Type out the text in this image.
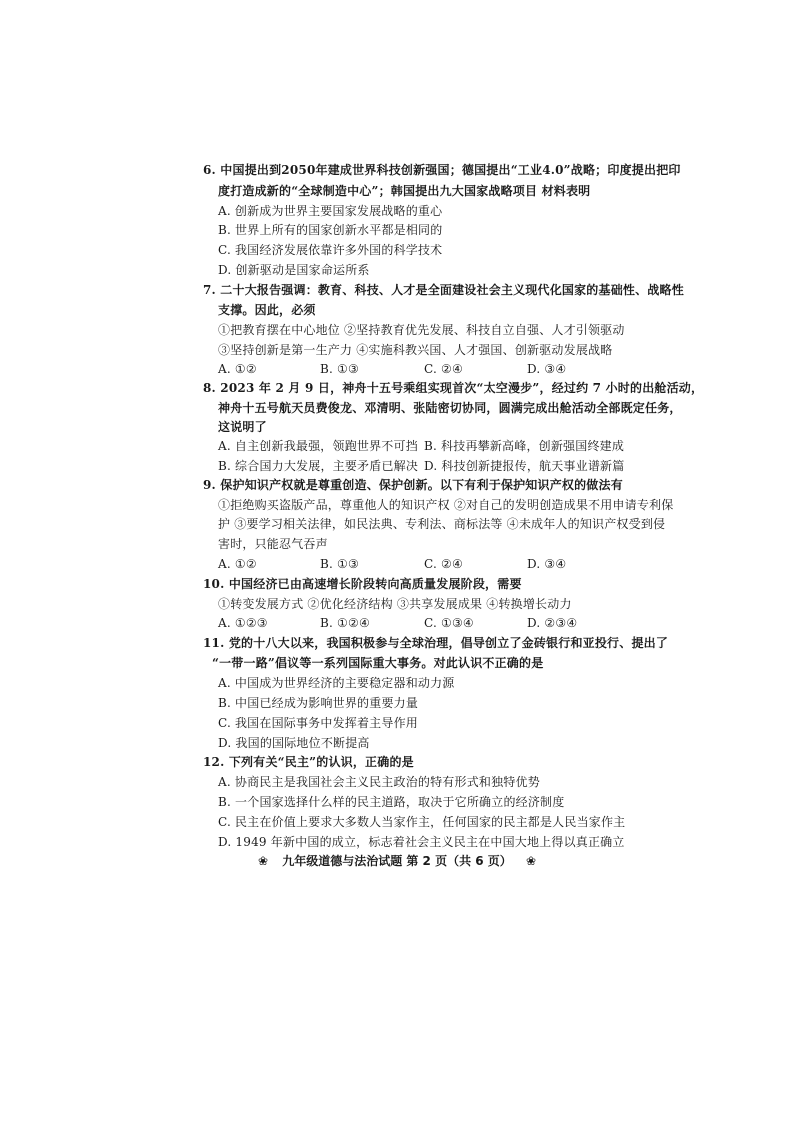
6. 中国提出到2050年建成世界科技创新强国；德国提出“工业4.0”战略；印度提出把印
度打造成新的“全球制造中心”；韩国提出九大国家战略项目 材料表明
A. 创新成为世界主要国家发展战略的重心
B. 世界上所有的国家创新水平都是相同的
C. 我国经济发展依靠许多外国的科学技术
D. 创新驱动是国家命运所系
7. 二十大报告强调：教育、科技、人才是全面建设社会主义现代化国家的基础性、战略性
支撑。因此，必须
①把教育摆在中心地位 ②坚持教育优先发展、科技自立自强、人才引领驱动
③坚持创新是第一生产力 ④实施科教兴国、人才强国、创新驱动发展战略
A. ①②	B. ①③	C. ②④	D. ③④
8. 2023 年 2 月 9 日，神舟十五号乘组实现首次“太空漫步”，经过约 7 小时的出舱活动，
神舟十五号航天员费俊龙、邓清明、张陆密切协同，圆满完成出舱活动全部既定任务，
这说明了
A. 自主创新我最强，领跑世界不可挡 B. 科技再攀新高峰，创新强国终建成
B. 综合国力大发展，主要矛盾已解决 D. 科技创新捷报传，航天事业谱新篇
9. 保护知识产权就是尊重创造、保护创新。以下有利于保护知识产权的做法有
①拒绝购买盗版产品，尊重他人的知识产权 ②对自己的发明创造成果不用申请专利保
护 ③要学习相关法律，如民法典、专利法、商标法等 ④未成年人的知识产权受到侵
害时，只能忍气吞声
A. ①②	B. ①③	C. ②④	D. ③④
10. 中国经济已由高速增长阶段转向高质量发展阶段，需要
①转变发展方式 ②优化经济结构 ③共享发展成果 ④转换增长动力
A. ①②③	B. ①②④	C. ①③④	D. ②③④
11. 党的十八大以来，我国积极参与全球治理，倡导创立了金砖银行和亚投行、提出了
“一带一路”倡议等一系列国际重大事务。对此认识不正确的是
A. 中国成为世界经济的主要稳定器和动力源
B. 中国已经成为影响世界的重要力量
C. 我国在国际事务中发挥着主导作用
D. 我国的国际地位不断提高
12. 下列有关“民主”的认识，正确的是
A. 协商民主是我国社会主义民主政治的特有形式和独特优势
B. 一个国家选择什么样的民主道路，取决于它所确立的经济制度
C. 民主在价值上要求大多数人当家作主，任何国家的民主都是人民当家作主
D. 1949 年新中国的成立，标志着社会主义民主在中国大地上得以真正确立
❀ 九年级道德与法治试题 第 2 页（共 6 页） ❀
